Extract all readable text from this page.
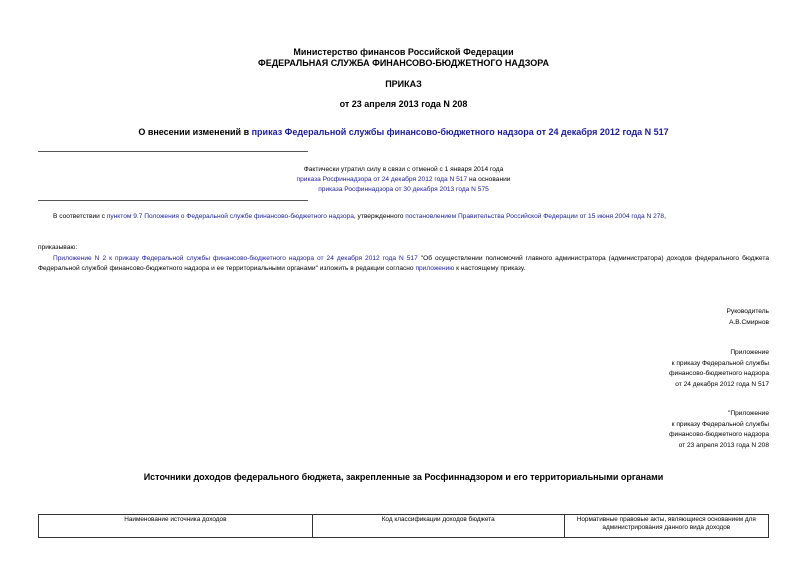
Министерство финансов Российской Федерации
ФЕДЕРАЛЬНАЯ СЛУЖБА ФИНАНСОВО-БЮДЖЕТНОГО НАДЗОРА
ПРИКАЗ
от 23 апреля 2013 года N 208
О внесении изменений в приказ Федеральной службы финансово-бюджетного надзора от 24 декабря 2012 года N 517
Фактически утратил силу в связи с отменой с 1 января 2014 года
приказа Росфиннадзора от 24 декабря 2012 года N 517 на основании
приказа Росфиннадзора от 30 декабря 2013 года N 575
В соответствии с пунктом 9.7 Положения о Федеральной службе финансово-бюджетного надзора, утвержденного постановлением Правительства Российской Федерации от 15 июня 2004 года N 278,
приказываю:
Приложение N 2 к приказу Федеральной службы финансово-бюджетного надзора от 24 декабря 2012 года N 517 "Об осуществлении полномочий главного администратора (администратора) доходов федерального бюджета Федеральной службой финансово-бюджетного надзора и ее территориальными органами" изложить в редакции согласно приложению к настоящему приказу.
Руководитель
А.В.Смирнов
Приложение
к приказу Федеральной службы
финансово-бюджетного надзора
от 24 декабря 2012 года N 517
"Приложение
к приказу Федеральной службы
финансово-бюджетного надзора
от 23 апреля 2013 года N 208
Источники доходов федерального бюджета, закрепленные за Росфиннадзором и его территориальными органами
Наименование источника доходов	Код классификации доходов бюджета	Нормативные правовые акты, являющиеся основанием для администрирования данного вида доходов
